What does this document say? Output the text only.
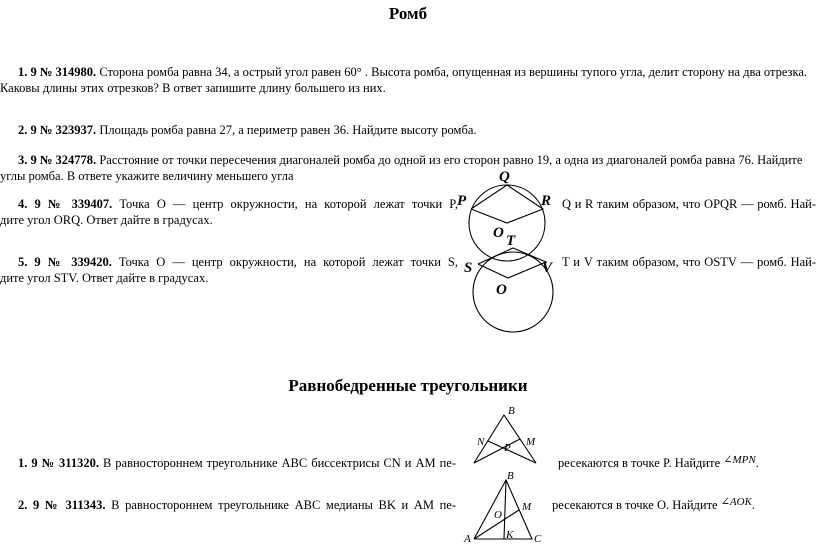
Ромб
1. 9 № 314980. Сторона ромба равна 34, а острый угол равен 60° . Высота ромба, опущенная из вершины тупого угла, делит сторону на два отрезка.
Каковы длины этих отрезков? В ответ запишите длину большего из них.
2. 9 № 323937. Площадь ромба равна 27, а периметр равен 36. Найдите высоту ромба.
3. 9 № 324778. Расстояние от точки пересечения диагоналей ромба до одной из его сторон равно 19, а одна из диагоналей ромба равна 76. Найдите
углы ромба. В ответе укажите величину меньшего угла
4. 9 № 339407. Точка O — центр окружности, на которой лежат точки P,	Q и R таким образом, что OPQR — ромб. Най-
дите угол ORQ. Ответ дайте в градусах.
5. 9 № 339420. Точка O — центр окружности, на которой лежат точки S,	T и V таким образом, что OSTV — ромб. Най-
дите угол STV. Ответ дайте в градусах.
Q
P	R
O T
S	V
O
Равнобедренные треугольники
1. 9 № 311320. В равностороннем треугольнике ABC биссектрисы CN и AM пе-	ресекаются в точке P. Найдите ∠MPN.
2. 9 № 311343. В равностороннем треугольнике ABC медианы BK и AM пе-	ресекаются в точке O. Найдите ∠AOK.
B
N	M
P
B
M
O
A	K C
